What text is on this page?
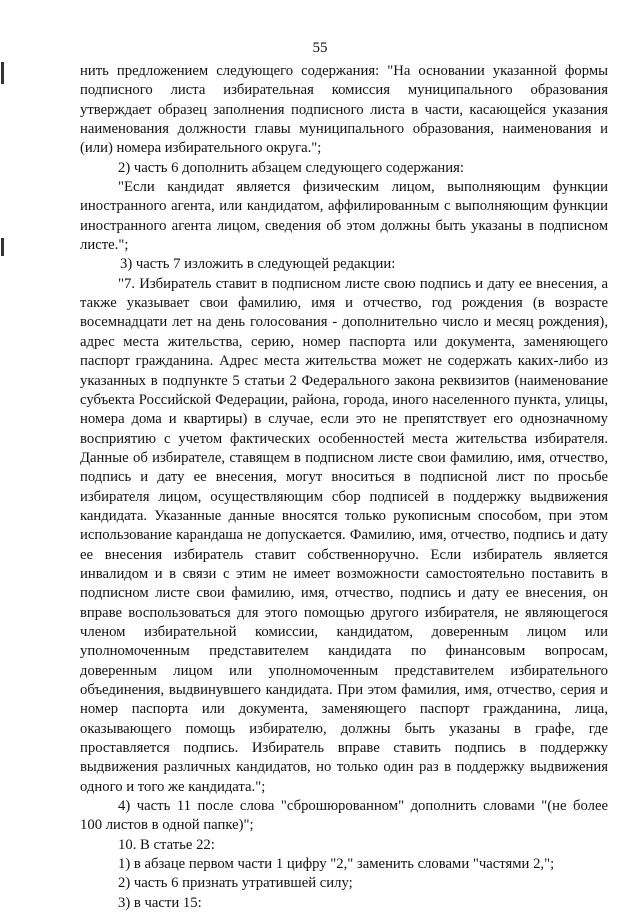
55

нить предложением следующего содержания: "На основании указанной формы подписного листа избирательная комиссия муниципального образования утверждает образец заполнения подписного листа в части, касающейся указания наименования должности главы муниципального образования, наименования и (или) номера избирательного округа.";

2) часть 6 дополнить абзацем следующего содержания:

"Если кандидат является физическим лицом, выполняющим функции иностранного агента, или кандидатом, аффилированным с выполняющим функции иностранного агента лицом, сведения об этом должны быть указаны в подписном листе.";

3) часть 7 изложить в следующей редакции:

"7. Избиратель ставит в подписном листе свою подпись и дату ее внесения, а также указывает свои фамилию, имя и отчество, год рождения (в возрасте восемнадцати лет на день голосования - дополнительно число и месяц рождения), адрес места жительства, серию, номер паспорта или документа, заменяющего паспорт гражданина. Адрес места жительства может не содержать каких-либо из указанных в подпункте 5 статьи 2 Федерального закона реквизитов (наименование субъекта Российской Федерации, района, города, иного населенного пункта, улицы, номера дома и квартиры) в случае, если это не препятствует его однозначному восприятию с учетом фактических особенностей места жительства избирателя. Данные об избирателе, ставящем в подписном листе свои фамилию, имя, отчество, подпись и дату ее внесения, могут вноситься в подписной лист по просьбе избирателя лицом, осуществляющим сбор подписей в поддержку выдвижения кандидата. Указанные данные вносятся только рукописным способом, при этом использование карандаша не допускается. Фамилию, имя, отчество, подпись и дату ее внесения избиратель ставит собственноручно. Если избиратель является инвалидом и в связи с этим не имеет возможности самостоятельно поставить в подписном листе свои фамилию, имя, отчество, подпись и дату ее внесения, он вправе воспользоваться для этого помощью другого избирателя, не являющегося членом избирательной комиссии, кандидатом, доверенным лицом или уполномоченным представителем кандидата по финансовым вопросам, доверенным лицом или уполномоченным представителем избирательного объединения, выдвинувшего кандидата. При этом фамилия, имя, отчество, серия и номер паспорта или документа, заменяющего паспорт гражданина, лица, оказывающего помощь избирателю, должны быть указаны в графе, где проставляется подпись. Избиратель вправе ставить подпись в поддержку выдвижения различных кандидатов, но только один раз в поддержку выдвижения одного и того же кандидата.";

4) часть 11 после слова "сброшюрованном" дополнить словами "(не более 100 листов в одной папке)";

10. В статье 22:

1) в абзаце первом части 1 цифру "2," заменить словами "частями 2,";

2) часть 6 признать утратившей силу;

3) в части 15:
